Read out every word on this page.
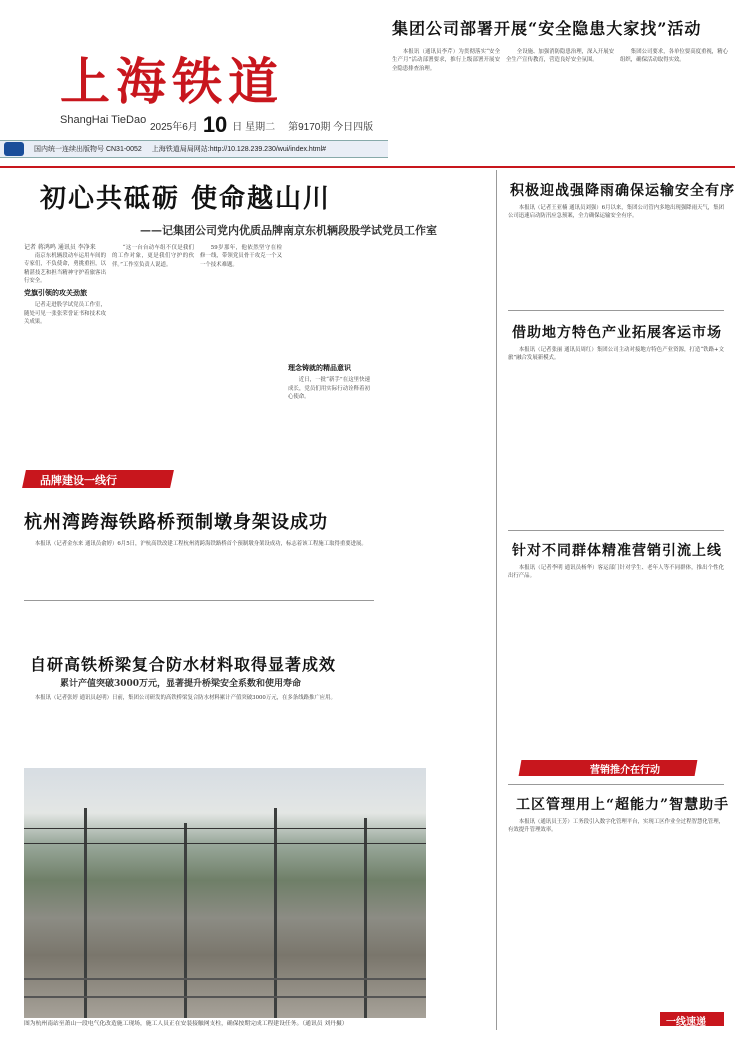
上海铁道
ShangHai TieDao
2025年6月 10 日 星期二 第9170期 今日四版
国内统一连续出版物号 CN31-0052 上海铁道局局网站:http://10.128.239.230/wui/index.html#
集团公司部署开展“安全隐患大家找”活动

本报讯（通讯员李芹）为贯彻落实“安全生产月”活动部署要求，推行上级部署开展安全隐患排查治理。

全设施、加强消防隐患治理，深入开展安全生产宣传教育，营造良好安全氛围。

集团公司要求，各单位要高度重视，精心组织，确保活动取得实效。

初心共砥砺 使命越山川
——记集团公司党内优质品牌南京东机辆段股学试党员工作室
记者 蒋鸿鸣 通讯员 李净来

南京东机辆段动车运用车间的专家们，不负使命，勇挑重担，以精湛技艺和担当精神守护着旅客出行安全。

党旗引领的攻关劲旅

记者走进股学试党员工作室，随处可见一张张荣誉证书和技术攻关成果。

“这一台台动车组不仅是我们的工作对象，更是我们守护的伙伴。”工作室负责人说道。

59岁那年，他依然坚守在检修一线，带领党员骨干攻克一个又一个技术难题。

理念铸就的精品意识

近日，一批“新手”在这里快速成长，党员们用实际行动诠释着初心使命。

品牌建设一线行
杭州湾跨海铁路桥预制墩身架设成功

本报讯（记者金东来 通讯员俞婷）6月5日，沪杭高铁改建工程杭州湾跨海铁路桥首个预制墩身架设成功，标志着该工程施工取得重要进展。

自研高铁桥梁复合防水材料取得显著成效
累计产值突破3000万元，显著提升桥梁安全系数和使用寿命

本报讯（记者张婷 通讯员赵明）日前，集团公司研发的高铁桥梁复合防水材料累计产值突破3000万元，在多条线路推广应用。

图为杭州南站至萧山一段电气化改造施工现场，施工人员正在安装接触网支柱，确保按期完成工程建设任务。（通讯员 刘丹摄）
积极迎战强降雨确保运输安全有序

本报讯（记者王亚楠 通讯员刘强）6月以来，集团公司管内多地出现强降雨天气，集团公司迅速启动防汛应急预案，全力确保运输安全有序。

借助地方特色产业拓展客运市场

本报讯（记者张丽 通讯员周红）集团公司主动对接地方特色产业资源，打造“铁路+文旅”融合发展新模式。

针对不同群体精准营销引流上线

本报讯（记者李明 通讯员杨华）客运部门针对学生、老年人等不同群体，推出个性化出行产品。

营销推介在行动
工区管理用上“超能力”智慧助手

本报讯（通讯员王芳）工务段引入数字化管理平台，实现工区作业全过程智慧化管理，有效提升管理效率。

一线速递
